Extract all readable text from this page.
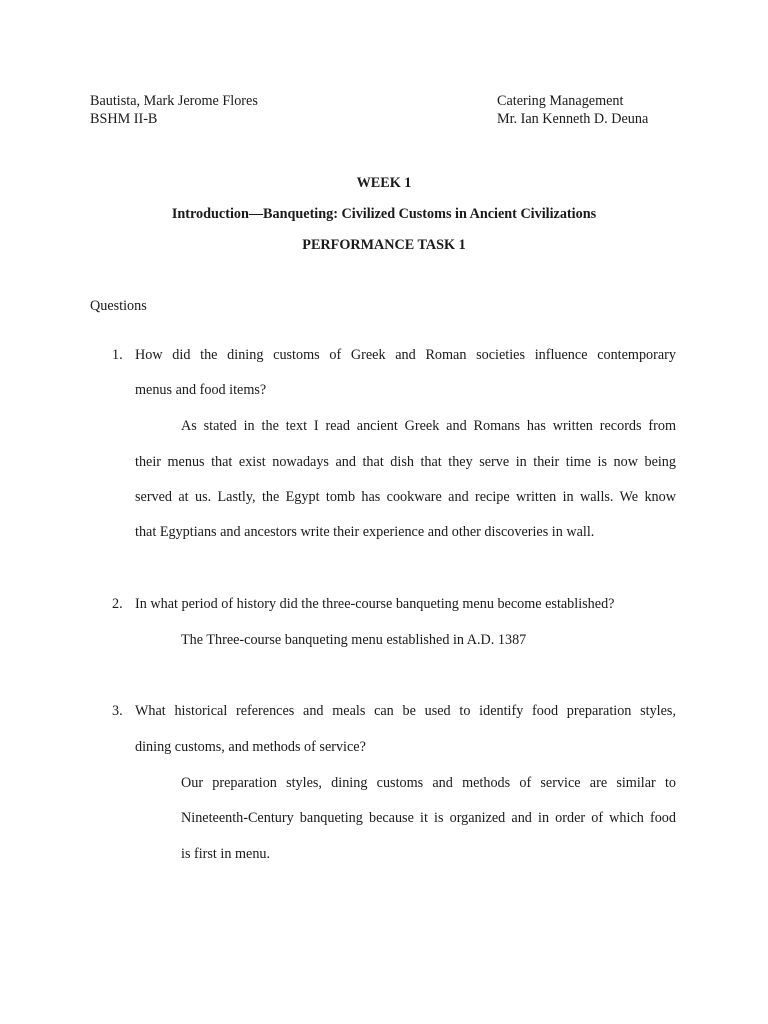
Bautista, Mark Jerome Flores
BSHM II-B
Catering Management
Mr. Ian Kenneth D. Deuna
WEEK 1
Introduction—Banqueting: Civilized Customs in Ancient Civilizations
PERFORMANCE TASK 1
Questions
1. How did the dining customs of Greek and Roman societies influence contemporary
menus and food items?
As stated in the text I read ancient Greek and Romans has written records from
their menus that exist nowadays and that dish that they serve in their time is now being
served at us. Lastly, the Egypt tomb has cookware and recipe written in walls. We know
that Egyptians and ancestors write their experience and other discoveries in wall.
2. In what period of history did the three-course banqueting menu become established?
The Three-course banqueting menu established in A.D. 1387
3. What historical references and meals can be used to identify food preparation styles,
dining customs, and methods of service?
Our preparation styles, dining customs and methods of service are similar to
Nineteenth-Century banqueting because it is organized and in order of which food
is first in menu.
